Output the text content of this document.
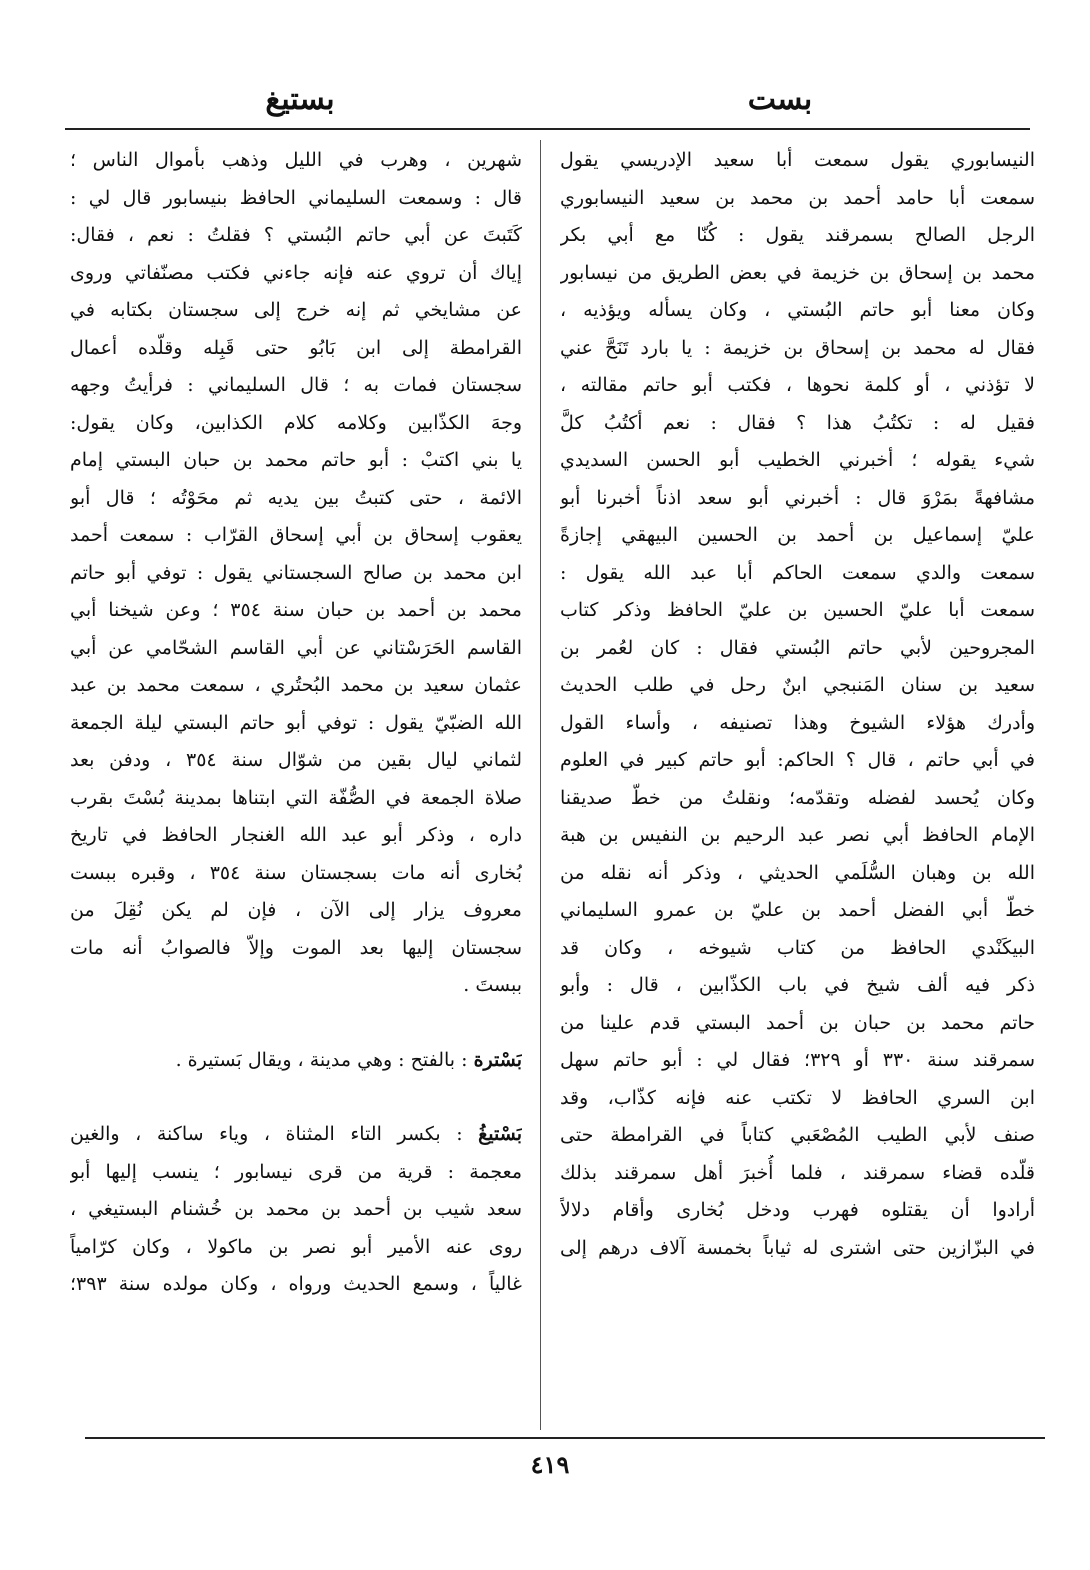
بست
بستيغ
النيسابوري يقول سمعت أبا سعيد الإدريسي يقول
سمعت أبا حامد أحمد بن محمد بن سعيد النيسابوري
الرجل الصالح بسمرقند يقول : كُنّا مع أبي بكر
محمد بن إسحاق بن خزيمة في بعض الطريق من نيسابور
وكان معنا أبو حاتم البُستي ، وكان يسأله ويؤذيه ،
فقال له محمد بن إسحاق بن خزيمة : يا بارد تَنَحَّ عني
لا تؤذني ، أو كلمة نحوها ، فكتب أبو حاتم مقالته ،
فقيل له : تكتُبُ هذا ؟ فقال : نعم أكتُبُ كلَّ
شيء يقوله ؛ أخبرني الخطيب أبو الحسن السديدي
مشافهةً بمَرْوَ قال : أخبرني أبو سعد اذناً أخبرنا أبو
عليّ إسماعيل بن أحمد بن الحسين البيهقي إجازةً
سمعت والدي سمعت الحاكم أبا عبد الله يقول :
سمعت أبا عليّ الحسين بن عليّ الحافظ وذكر كتاب
المجروحين لأبي حاتم البُستي فقال : كان لعُمر بن
سعيد بن سنان المَنبجي ابنٌ رحل في طلب الحديث
وأدرك هؤلاء الشيوخ وهذا تصنيفه ، وأساء القول
في أبي حاتم ، قال ؟ الحاكم: أبو حاتم كبير في العلوم
وكان يُحسد لفضله وتقدّمه؛ ونقلتُ من خطّ صديقنا
الإمام الحافظ أبي نصر عبد الرحيم بن النفيس بن هبة
الله بن وهبان السُّلَمي الحديثي ، وذكر أنه نقله من
خطّ أبي الفضل أحمد بن عليّ بن عمرو السليماني
البيكَنْدي الحافظ من كتاب شيوخه ، وكان قد
ذكر فيه ألف شيخ في باب الكذّابين ، قال : وأبو
حاتم محمد بن حبان بن أحمد البستي قدم علينا من
سمرقند سنة ٣٣٠ أو ٣٢٩؛ فقال لي : أبو حاتم سهل
ابن السري الحافظ لا تكتب عنه فإنه كذّاب، وقد
صنف لأبي الطيب المُصْعَبي كتاباً في القرامطة حتى
قلّده قضاء سمرقند ، فلما أُخبرَ أهل سمرقند بذلك
أرادوا أن يقتلوه فهرب ودخل بُخارى وأقام دلالاً
في البزّازين حتى اشترى له ثياباً بخمسة آلاف درهم إلى
شهرين ، وهرب في الليل وذهب بأموال الناس ؛
قال : وسمعت السليماني الحافظ بنيسابور قال لي :
كَتَبتَ عن أبي حاتم البُستي ؟ فقلتُ : نعم ، فقال:
إياك أن تروي عنه فإنه جاءني فكتب مصنّفاتي وروى
عن مشايخي ثم إنه خرج إلى سجستان بكتابه في
القرامطة إلى ابن بَابُو حتى قَبِله وقلّده أعمال
سجستان فمات به ؛ قال السليماني : فرأيتُ وجهه
وجهَ الكذّابين وكلامه كلام الكذابين، وكان يقول:
يا بني اكتبْ : أبو حاتم محمد بن حبان البستي إمام
الائمة ، حتى كتبتُ بين يديه ثم محَوْتُه ؛ قال أبو
يعقوب إسحاق بن أبي إسحاق القرّاب : سمعت أحمد
ابن محمد بن صالح السجستاني يقول : توفي أبو حاتم
محمد بن أحمد بن حبان سنة ٣٥٤ ؛ وعن شيخنا أبي
القاسم الحَرَسْتاني عن أبي القاسم الشحّامي عن أبي
عثمان سعيد بن محمد البُحتُري ، سمعت محمد بن عبد
الله الضبّيّ يقول : توفي أبو حاتم البستي ليلة الجمعة
لثماني ليال بقين من شوّال سنة ٣٥٤ ، ودفن بعد
صلاة الجمعة في الصُّفّة التي ابتناها بمدينة بُسْتَ بقرب
داره ، وذكر أبو عبد الله الغنجار الحافظ في تاريخ
بُخارى أنه مات بسجستان سنة ٣٥٤ ، وقبره ببست
معروف يزار إلى الآن ، فإن لم يكن نُقِلَ من
سجستان إليها بعد الموت وإلاّ فالصوابُ أنه مات
ببستَ .
بَسْترة : بالفتح : وهي مدينة ، ويقال بَستيرة .
بَسْتيغُ : بكسر التاء المثناة ، وياء ساكنة ، والغين
معجمة : قرية من قرى نيسابور ؛ ينسب إليها أبو
سعد شيب بن أحمد بن محمد بن خُشنام البستيغي ،
روى عنه الأمير أبو نصر بن ماكولا ، وكان كرّامياً
غالياً ، وسمع الحديث ورواه ، وكان مولده سنة ٣٩٣؛
٤١٩
